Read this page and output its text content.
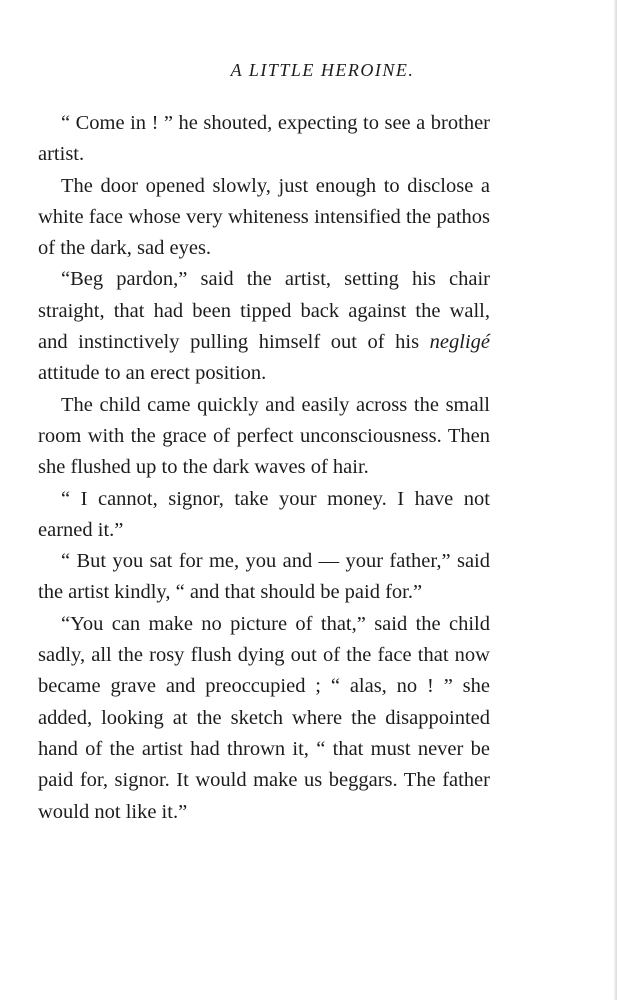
A LITTLE HEROINE.

“ Come in ! ” he shouted, expecting to see a brother artist.

The door opened slowly, just enough to disclose a white face whose very whiteness intensified the pathos of the dark, sad eyes.

“Beg pardon,” said the artist, setting his chair straight, that had been tipped back against the wall, and instinctively pulling himself out of his negligé attitude to an erect position.

The child came quickly and easily across the small room with the grace of perfect unconsciousness. Then she flushed up to the dark waves of hair.

“ I cannot, signor, take your money. I have not earned it.”

“ But you sat for me, you and — your father,” said the artist kindly, “ and that should be paid for.”

“You can make no picture of that,” said the child sadly, all the rosy flush dying out of the face that now became grave and preoccupied ; “ alas, no ! ” she added, looking at the sketch where the disappointed hand of the artist had thrown it, “ that must never be paid for, signor. It would make us beggars. The father would not like it.”
